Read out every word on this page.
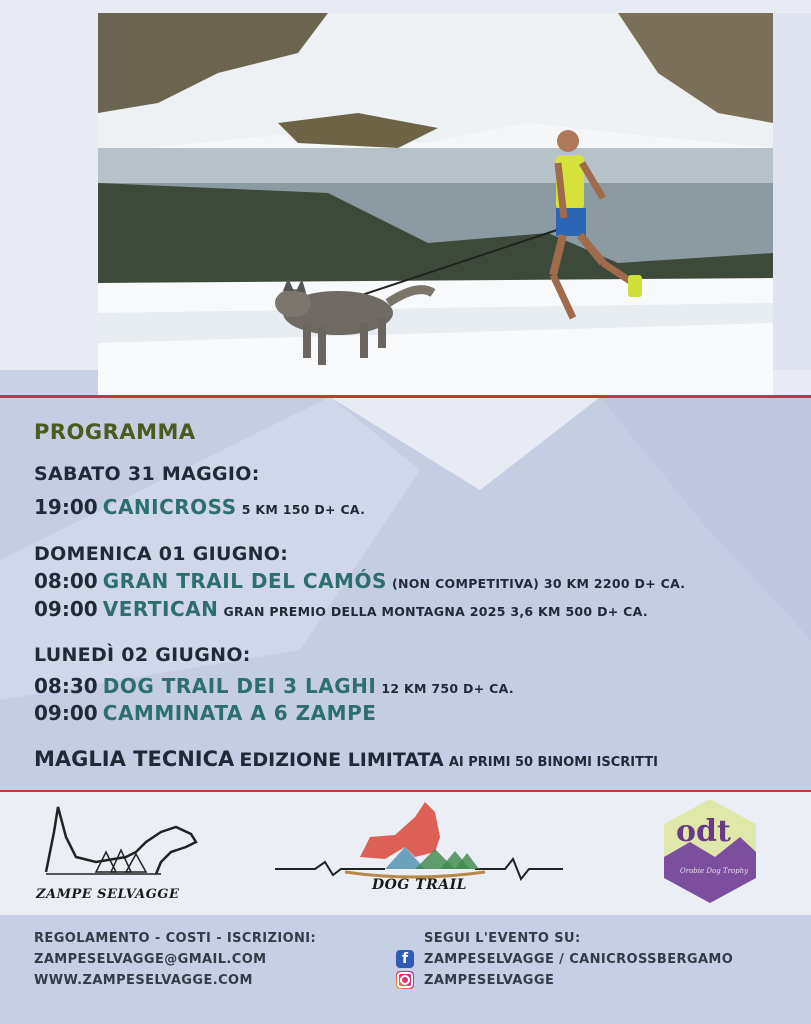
PROGRAMMA
SABATO 31 MAGGIO:
19:00 CANICROSS 5 KM 150 D+ CA.
DOMENICA 01 GIUGNO:
08:00 GRAN TRAIL DEL CAMÓS (NON COMPETITIVA) 30 KM 2200 D+ CA.
09:00 VERTICAN GRAN PREMIO DELLA MONTAGNA 2025 3,6 KM 500 D+ CA.
LUNEDÌ 02 GIUGNO:
08:30 DOG TRAIL DEI 3 LAGHI 12 KM 750 D+ CA.
09:00 CAMMINATA A 6 ZAMPE
MAGLIA TECNICA EDIZIONE LIMITATA AI PRIMI 50 BINOMI ISCRITTI
ZAMPE SELVAGGE
DOG TRAIL
odt
Orobie Dog Trophy
REGOLAMENTO - COSTI - ISCRIZIONI:
ZAMPESELVAGGE@GMAIL.COM
WWW.ZAMPESELVAGGE.COM
SEGUI L'EVENTO SU:
f	ZAMPESELVAGGE / CANICROSSBERGAMO
ZAMPESELVAGGE
